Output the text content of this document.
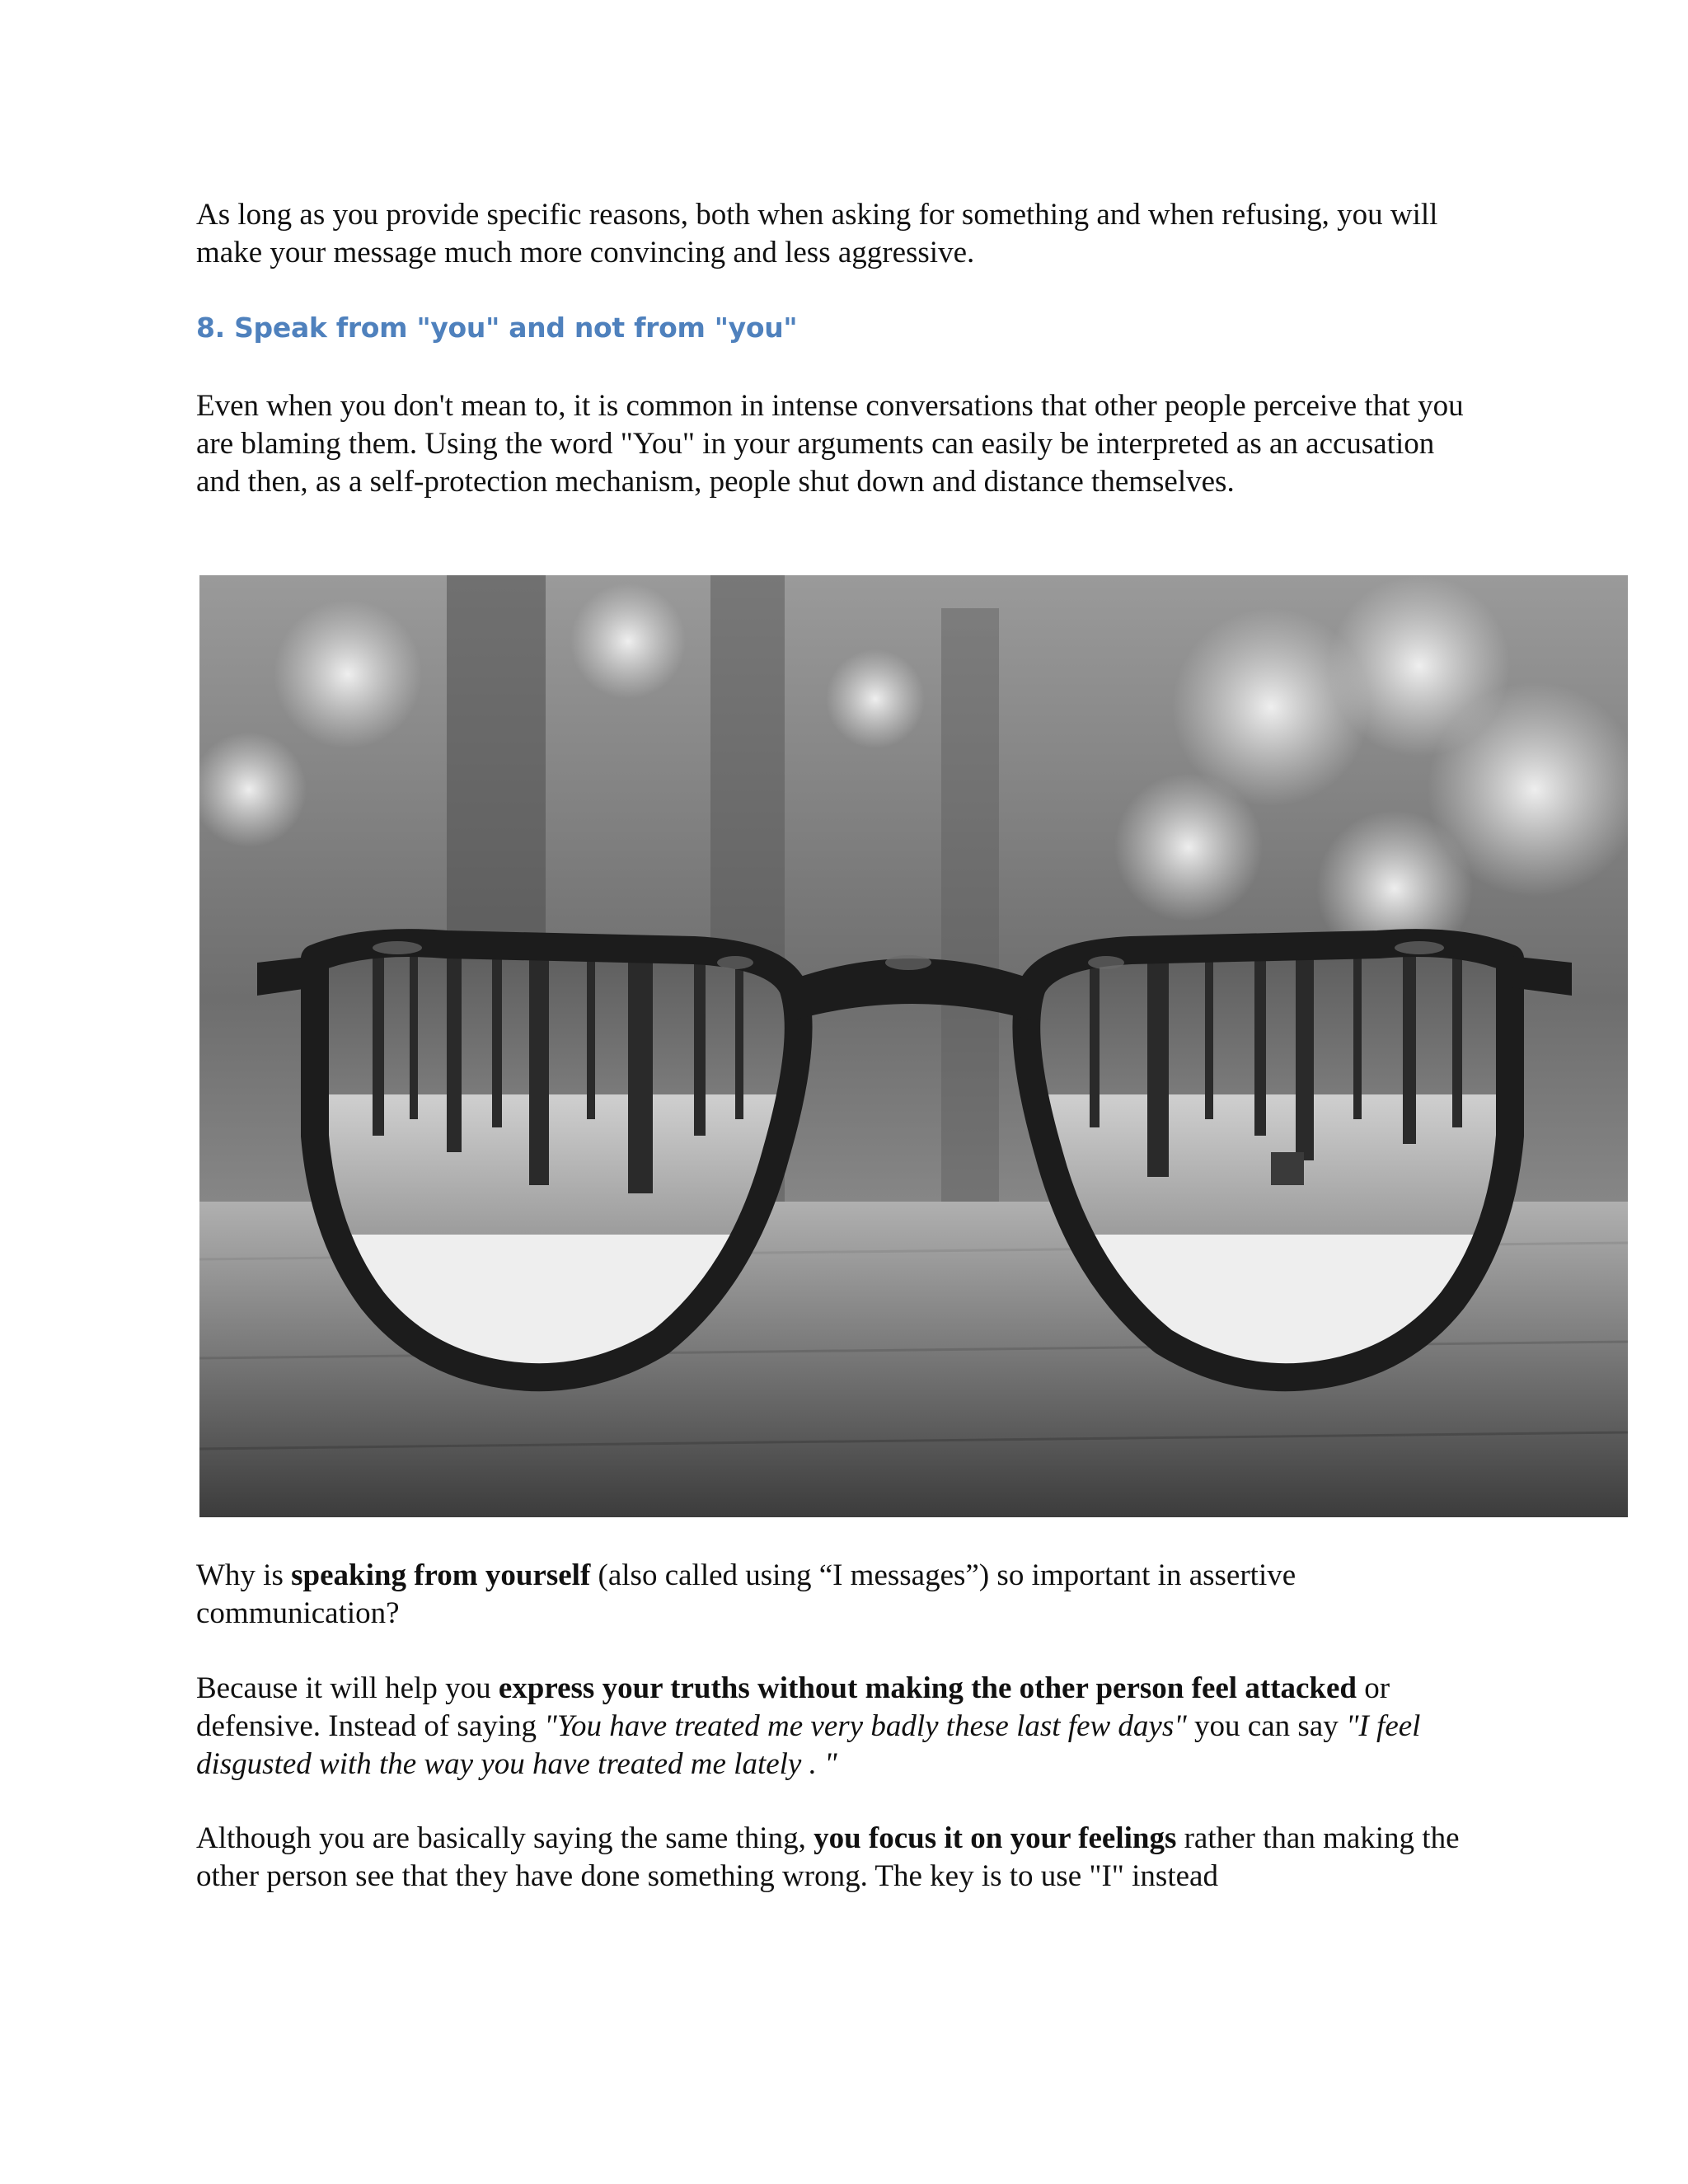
As long as you provide specific reasons, both when asking for something and when refusing, you will make your message much more convincing and less aggressive.

8. Speak from "you" and not from "you"

Even when you don't mean to, it is common in intense conversations that other people perceive that you are blaming them. Using the word "You" in your arguments can easily be interpreted as an accusation and then, as a self-protection mechanism, people shut down and distance themselves.

Why is speaking from yourself (also called using “I messages”) so important in assertive communication?

Because it will help you express your truths without making the other person feel attacked or defensive. Instead of saying "You have treated me very badly these last few days" you can say "I feel disgusted with the way you have treated me lately . "

Although you are basically saying the same thing, you focus it on your feelings rather than making the other person see that they have done something wrong. The key is to use "I" instead
